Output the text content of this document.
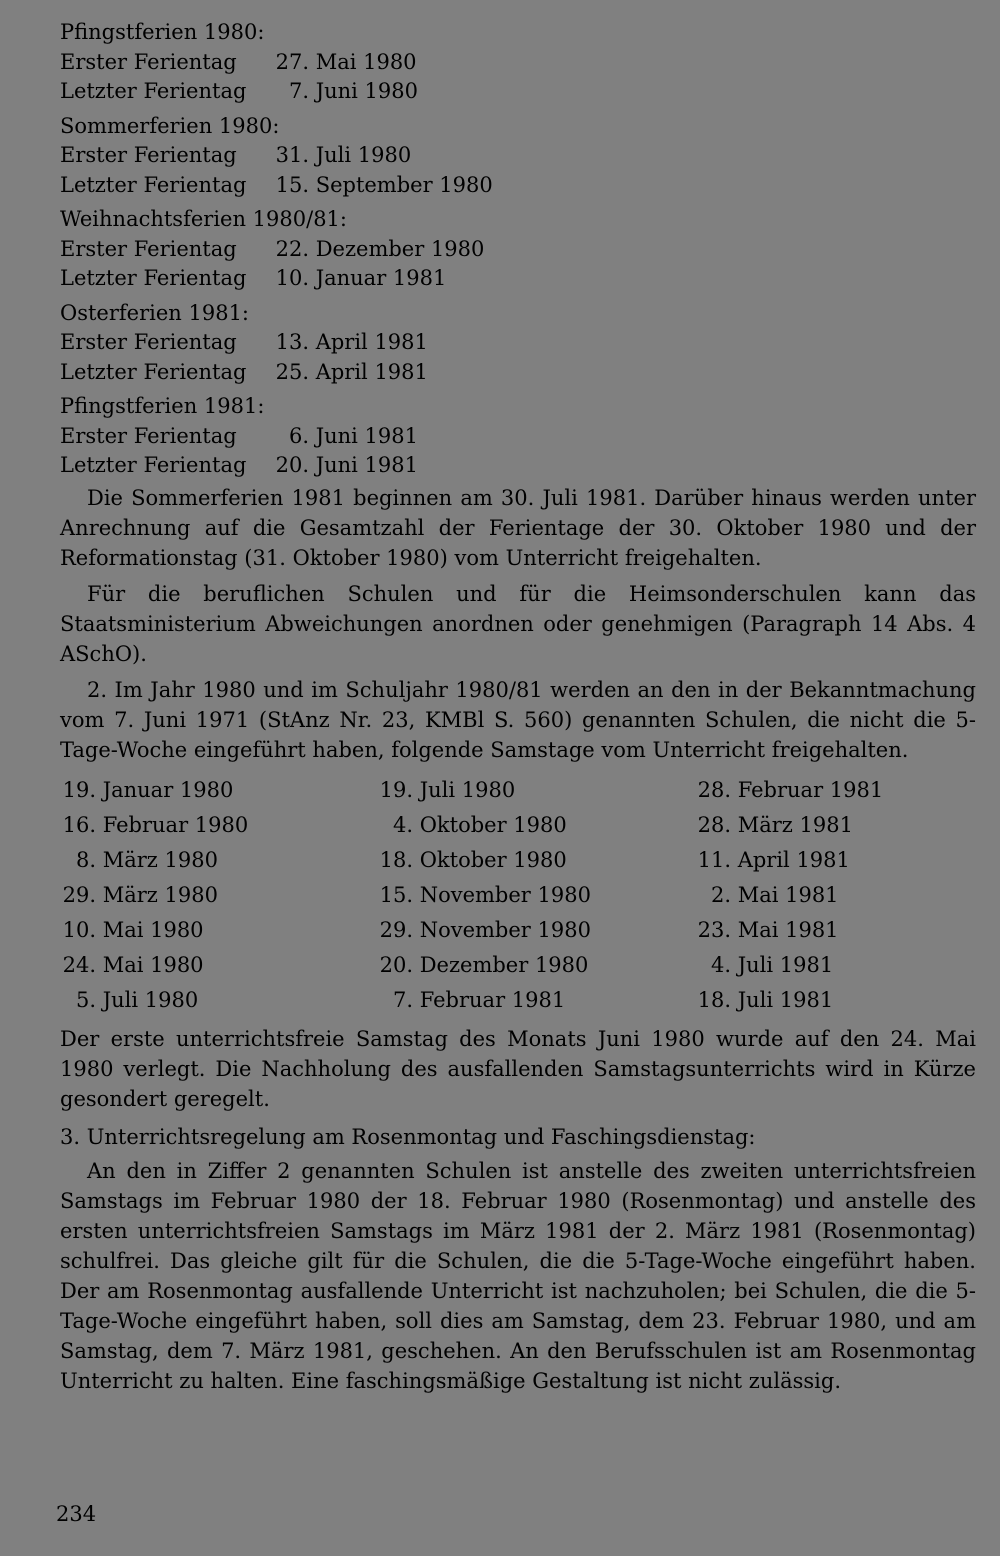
Pfingstferien 1980:
Erster Ferientag 27. Mai 1980
Letzter Ferientag 7. Juni 1980
Sommerferien 1980:
Erster Ferientag 31. Juli 1980
Letzter Ferientag 15. September 1980
Weihnachtsferien 1980/81:
Erster Ferientag 22. Dezember 1980
Letzter Ferientag 10. Januar 1981
Osterferien 1981:
Erster Ferientag 13. April 1981
Letzter Ferientag 25. April 1981
Pfingstferien 1981:
Erster Ferientag 6. Juni 1981
Letzter Ferientag 20. Juni 1981

Die Sommerferien 1981 beginnen am 30. Juli 1981. Darüber hinaus werden unter Anrechnung auf die Gesamtzahl der Ferientage der 30. Oktober 1980 und der Reformationstag (31. Oktober 1980) vom Unterricht freigehalten.

Für die beruflichen Schulen und für die Heimsonderschulen kann das Staatsministerium Abweichungen anordnen oder genehmigen (Paragraph 14 Abs. 4 ASchO).

2. Im Jahr 1980 und im Schuljahr 1980/81 werden an den in der Bekanntmachung vom 7. Juni 1971 (StAnz Nr. 23, KMBl S. 560) genannten Schulen, die nicht die 5-Tage-Woche eingeführt haben, folgende Samstage vom Unterricht freigehalten.

19. Januar 1980	19. Juli 1980	28. Februar 1981
16. Februar 1980	4. Oktober 1980	28. März 1981
8. März 1980	18. Oktober 1980	11. April 1981
29. März 1980	15. November 1980	2. Mai 1981
10. Mai 1980	29. November 1980	23. Mai 1981
24. Mai 1980	20. Dezember 1980	4. Juli 1981
5. Juli 1980	7. Februar 1981	18. Juli 1981

Der erste unterrichtsfreie Samstag des Monats Juni 1980 wurde auf den 24. Mai 1980 verlegt. Die Nachholung des ausfallenden Samstagsunterrichts wird in Kürze gesondert geregelt.

3. Unterrichtsregelung am Rosenmontag und Faschingsdienstag:

An den in Ziffer 2 genannten Schulen ist anstelle des zweiten unterrichtsfreien Samstags im Februar 1980 der 18. Februar 1980 (Rosenmontag) und anstelle des ersten unterrichtsfreien Samstags im März 1981 der 2. März 1981 (Rosenmontag) schulfrei. Das gleiche gilt für die Schulen, die die 5-Tage-Woche eingeführt haben. Der am Rosenmontag ausfallende Unterricht ist nachzuholen; bei Schulen, die die 5-Tage-Woche eingeführt haben, soll dies am Samstag, dem 23. Februar 1980, und am Samstag, dem 7. März 1981, geschehen. An den Berufsschulen ist am Rosenmontag Unterricht zu halten. Eine faschingsmäßige Gestaltung ist nicht zulässig.

234
